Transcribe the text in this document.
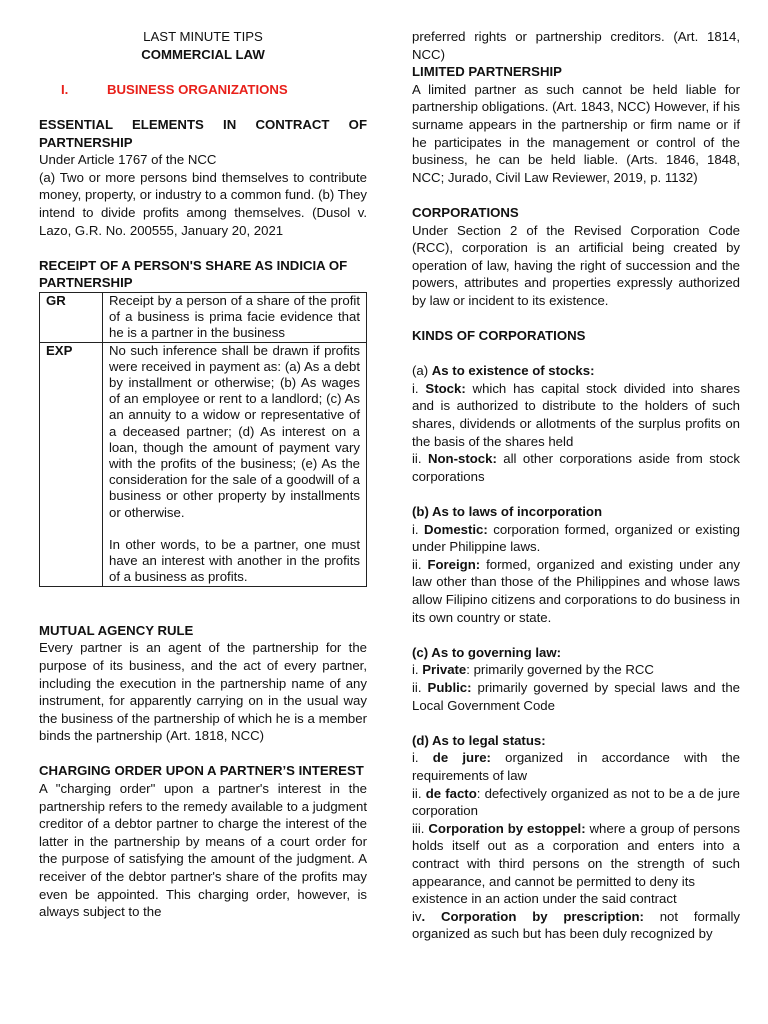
LAST MINUTE TIPS

COMMERCIAL LAW

I.	BUSINESS ORGANIZATIONS

ESSENTIAL ELEMENTS IN CONTRACT OF PARTNERSHIP

Under Article 1767 of the NCC

(a) Two or more persons bind themselves to contribute money, property, or industry to a common fund. (b) They intend to divide profits among themselves. (Dusol v. Lazo, G.R. No. 200555, January 20, 2021

RECEIPT OF A PERSON'S SHARE AS INDICIA OF PARTNERSHIP

GR	Receipt by a person of a share of the profit of a business is prima facie evidence that he is a partner in the business
EXP	No such inference shall be drawn if profits were received in payment as: (a) As a debt by installment or otherwise; (b) As wages of an employee or rent to a landlord; (c) As an annuity to a widow or representative of a deceased partner; (d) As interest on a loan, though the amount of payment vary with the profits of the business; (e) As the consideration for the sale of a goodwill of a business or other property by installments or otherwise.
In other words, to be a partner, one must have an interest with another in the profits of a business as profits.

MUTUAL AGENCY RULE

Every partner is an agent of the partnership for the purpose of its business, and the act of every partner, including the execution in the partnership name of any instrument, for apparently carrying on in the usual way the business of the partnership of which he is a member binds the partnership (Art. 1818, NCC)

CHARGING ORDER UPON A PARTNER’S INTEREST

A "charging order" upon a partner's interest in the partnership refers to the remedy available to a judgment creditor of a debtor partner to charge the interest of the latter in the partnership by means of a court order for the purpose of satisfying the amount of the judgment. A receiver of the debtor partner's share of the profits may even be appointed. This charging order, however, is always subject to the

preferred rights or partnership creditors. (Art. 1814, NCC)

LIMITED PARTNERSHIP

A limited partner as such cannot be held liable for partnership obligations. (Art. 1843, NCC) However, if his surname appears in the partnership or firm name or if he participates in the management or control of the business, he can be held liable. (Arts. 1846, 1848, NCC; Jurado, Civil Law Reviewer, 2019, p. 1132)

CORPORATIONS

Under Section 2 of the Revised Corporation Code (RCC), corporation is an artificial being created by operation of law, having the right of succession and the powers, attributes and properties expressly authorized by law or incident to its existence.

KINDS OF CORPORATIONS

(a) As to existence of stocks:

i. Stock: which has capital stock divided into shares and is authorized to distribute to the holders of such shares, dividends or allotments of the surplus profits on the basis of the shares held

ii. Non-stock: all other corporations aside from stock corporations

(b) As to laws of incorporation

i. Domestic: corporation formed, organized or existing under Philippine laws.

ii. Foreign: formed, organized and existing under any law other than those of the Philippines and whose laws allow Filipino citizens and corporations to do business in its own country or state.

(c) As to governing law:

i. Private: primarily governed by the RCC

ii. Public: primarily governed by special laws and the Local Government Code

(d) As to legal status:

i. de jure: organized in accordance with the requirements of law

ii. de facto: defectively organized as not to be a de jure corporation

iii. Corporation by estoppel: where a group of persons holds itself out as a corporation and enters into a contract with third persons on the strength of such appearance, and cannot be permitted to deny its

existence in an action under the said contract

iv. Corporation by prescription: not formally organized as such but has been duly recognized by
